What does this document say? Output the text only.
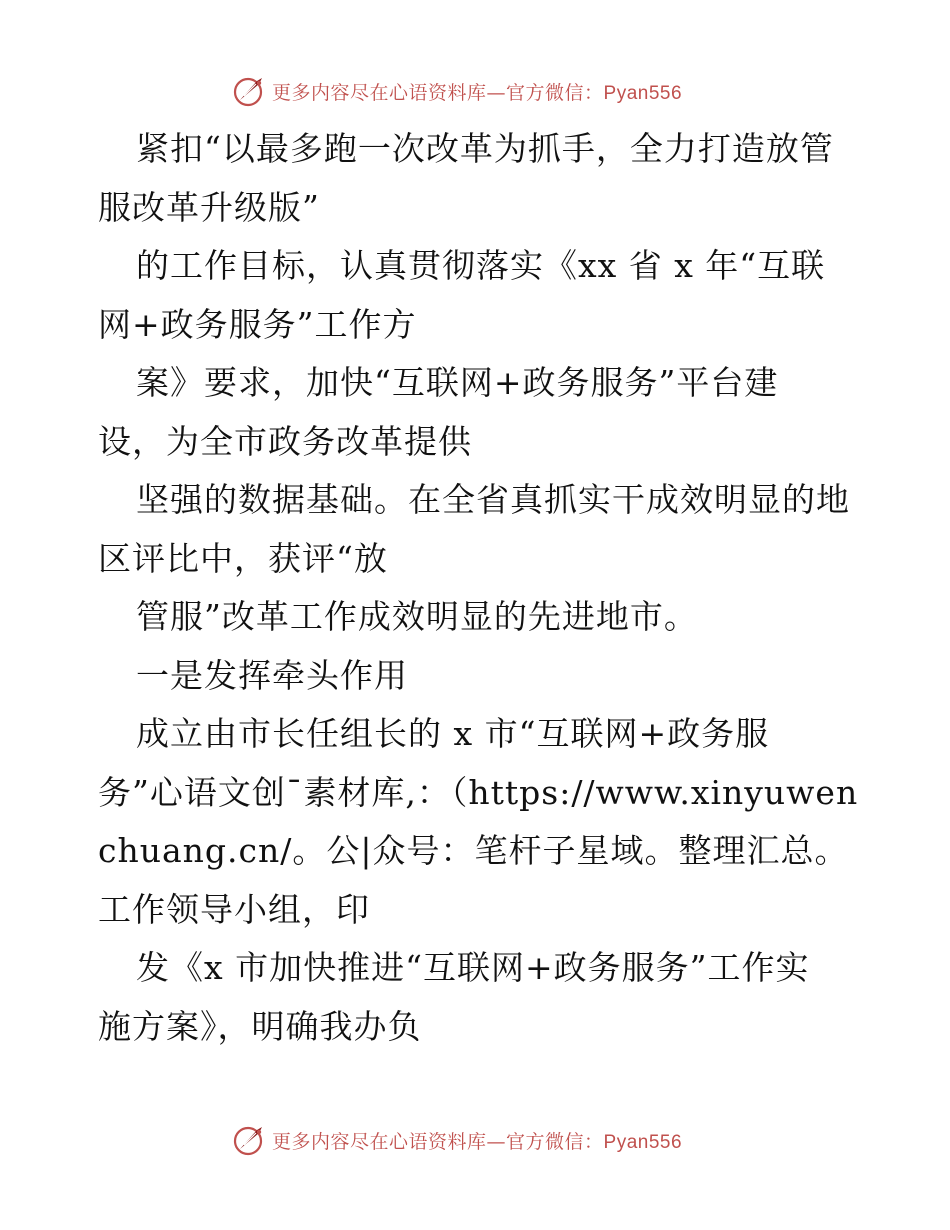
更多内容尽在心语资料库—官方微信：Pyan556
紧扣“以最多跑一次改革为抓手，全力打造放管
服改革升级版”
的工作目标，认真贯彻落实《xx 省 x 年“互联
网+政务服务”工作方
案》要求，加快“互联网+政务服务”平台建
设，为全市政务改革提供
坚强的数据基础。在全省真抓实干成效明显的地
区评比中，获评“放
管服”改革工作成效明显的先进地市。
一是发挥牵头作用
成立由市长任组长的 x 市“互联网+政务服
务”心语文创¯素材库,：（https://www.xinyuwen
chuang.cn/。公|众号：笔杆子星域。整理汇总。
工作领导小组，印
发《x 市加快推进“互联网+政务服务”工作实
施方案》，明确我办负
更多内容尽在心语资料库—官方微信：Pyan556
